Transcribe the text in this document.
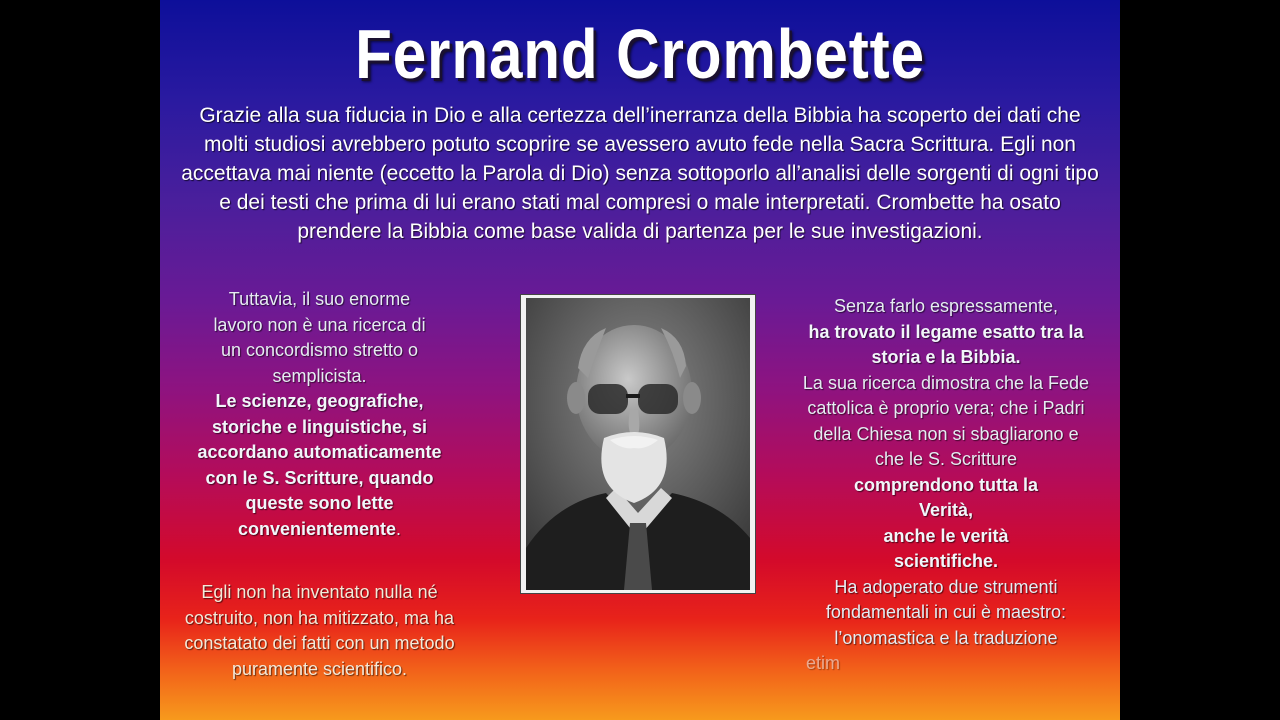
Fernand Crombette
Grazie alla sua fiducia in Dio e alla certezza dell’inerranza della Bibbia ha scoperto dei dati che molti studiosi avrebbero potuto scoprire se avessero avuto fede nella Sacra Scrittura. Egli non accettava mai niente (eccetto la Parola di Dio) senza sottoporlo all’analisi delle sorgenti di ogni tipo e dei testi che prima di lui erano stati mal compresi o male interpretati. Crombette ha osato prendere la Bibbia come base valida di partenza per le sue investigazioni.
Tuttavia, il suo enorme lavoro non è una ricerca di un concordismo stretto o semplicista.
Le scienze, geografiche, storiche e linguistiche, si accordano automaticamente con le S. Scritture, quando queste sono lette convenientemente.
Egli non ha inventato nulla né costruito, non ha mitizzato, ma ha constatato dei fatti con un metodo puramente scientifico.
Senza farlo espressamente,
ha trovato il legame esatto tra la storia e la Bibbia.
La sua ricerca dimostra che la Fede cattolica è proprio vera; che i Padri della Chiesa non si sbagliarono e che le S. Scritture
comprendono tutta la Verità,
anche le verità scientifiche.
Ha adoperato due strumenti fondamentali in cui è maestro: l’onomastica e la traduzione
etim
